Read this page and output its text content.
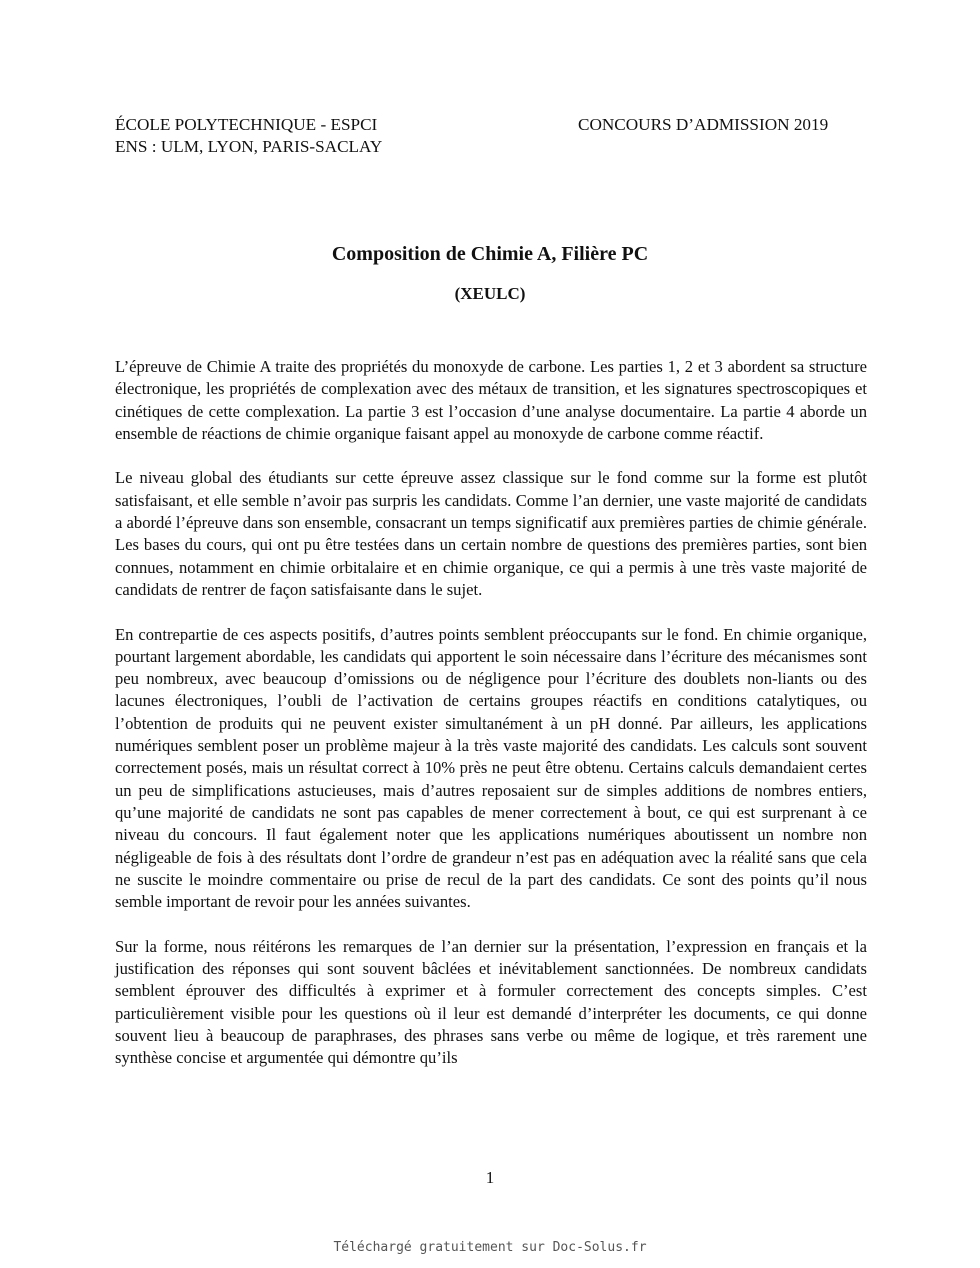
ÉCOLE POLYTECHNIQUE - ESPCI
ENS : ULM, LYON, PARIS-SACLAY
CONCOURS D’ADMISSION 2019
Composition de Chimie A, Filière PC
(XEULC)

L’épreuve de Chimie A traite des propriétés du monoxyde de carbone. Les parties 1, 2 et 3 abordent sa structure électronique, les propriétés de complexation avec des métaux de transition, et les signatures spectroscopiques et cinétiques de cette complexation. La partie 3 est l’occasion d’une analyse documentaire. La partie 4 aborde un ensemble de réactions de chimie organique faisant appel au monoxyde de carbone comme réactif.

Le niveau global des étudiants sur cette épreuve assez classique sur le fond comme sur la forme est plutôt satisfaisant, et elle semble n’avoir pas surpris les candidats. Comme l’an dernier, une vaste majorité de candidats a abordé l’épreuve dans son ensemble, consacrant un temps significatif aux premières parties de chimie générale. Les bases du cours, qui ont pu être testées dans un certain nombre de questions des premières parties, sont bien connues, notamment en chimie orbitalaire et en chimie organique, ce qui a permis à une très vaste majorité de candidats de rentrer de façon satisfaisante dans le sujet.

En contrepartie de ces aspects positifs, d’autres points semblent préoccupants sur le fond. En chimie organique, pourtant largement abordable, les candidats qui apportent le soin nécessaire dans l’écriture des mécanismes sont peu nombreux, avec beaucoup d’omissions ou de négligence pour l’écriture des doublets non-liants ou des lacunes électroniques, l’oubli de l’activation de certains groupes réactifs en conditions catalytiques, ou l’obtention de produits qui ne peuvent exister simultanément à un pH donné. Par ailleurs, les applications numériques semblent poser un problème majeur à la très vaste majorité des candidats. Les calculs sont souvent correctement posés, mais un résultat correct à 10% près ne peut être obtenu. Certains calculs demandaient certes un peu de simplifications astucieuses, mais d’autres reposaient sur de simples additions de nombres entiers, qu’une majorité de candidats ne sont pas capables de mener correctement à bout, ce qui est surprenant à ce niveau du concours. Il faut également noter que les applications numériques aboutissent un nombre non négligeable de fois à des résultats dont l’ordre de grandeur n’est pas en adéquation avec la réalité sans que cela ne suscite le moindre commentaire ou prise de recul de la part des candidats. Ce sont des points qu’il nous semble important de revoir pour les années suivantes.

Sur la forme, nous réitérons les remarques de l’an dernier sur la présentation, l’expression en français et la justification des réponses qui sont souvent bâclées et inévitablement sanctionnées. De nombreux candidats semblent éprouver des difficultés à exprimer et à formuler correctement des concepts simples. C’est particulièrement visible pour les questions où il leur est demandé d’interpréter les documents, ce qui donne souvent lieu à beaucoup de paraphrases, des phrases sans verbe ou même de logique, et très rarement une synthèse concise et argumentée qui démontre qu’ils

1
Téléchargé gratuitement sur Doc-Solus.fr
